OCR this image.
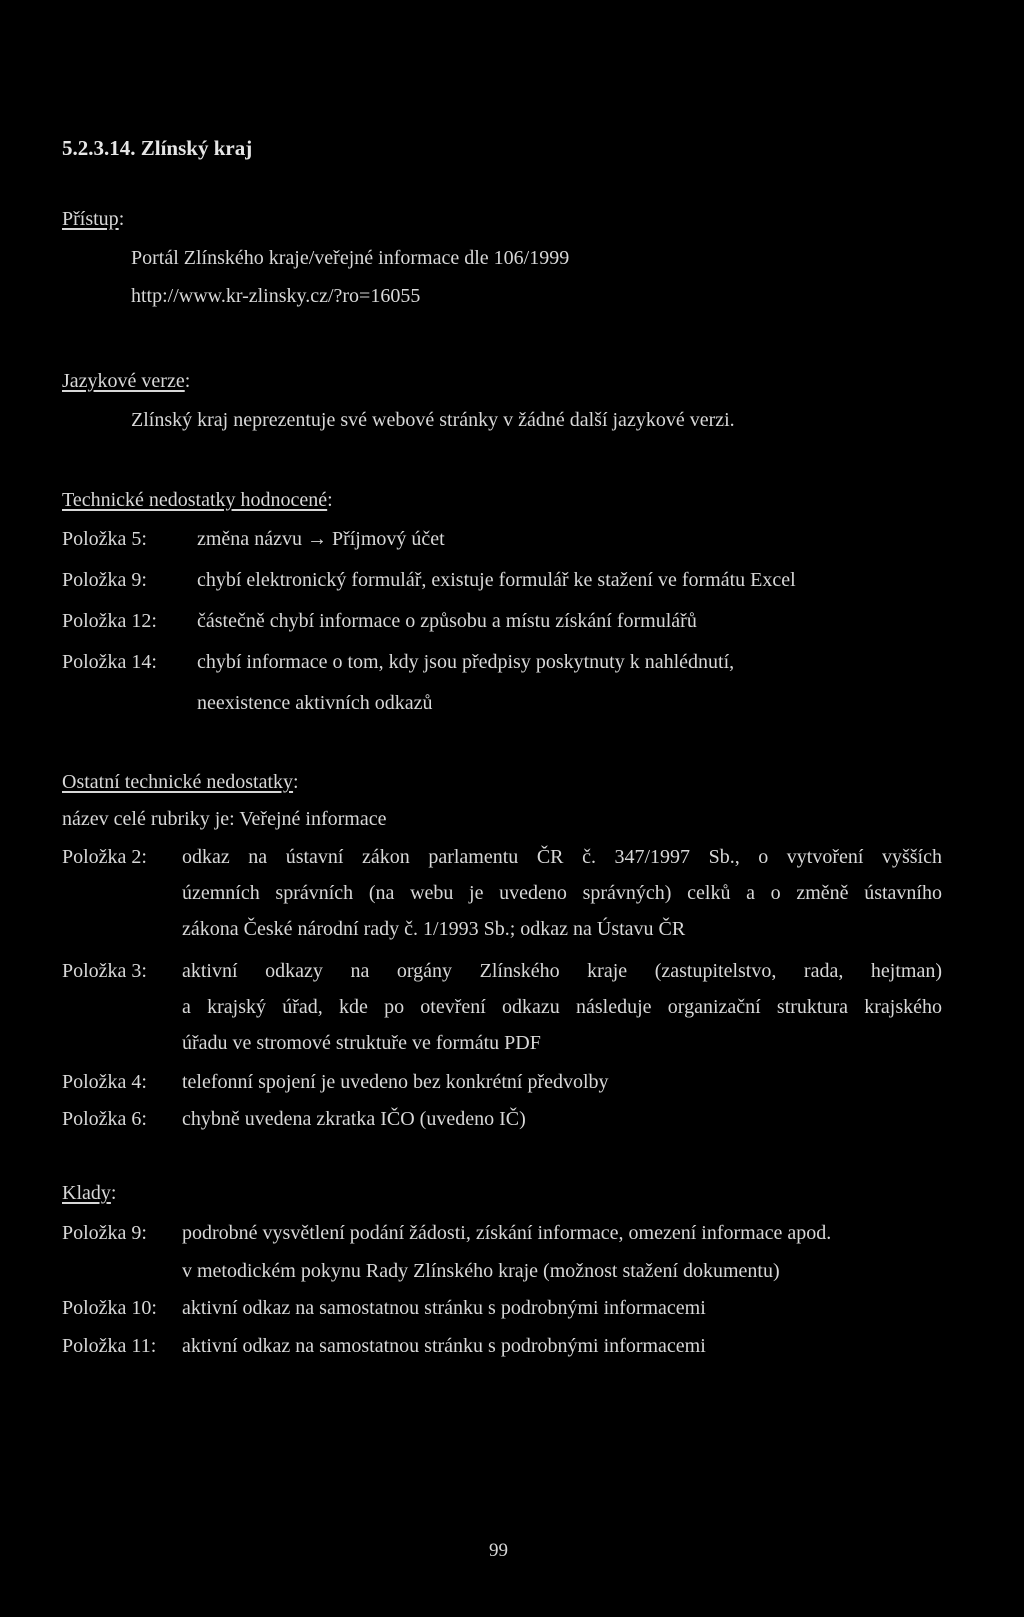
5.2.3.14. Zlínský kraj
Přístup:
Portál Zlínského kraje/veřejné informace dle 106/1999
http://www.kr-zlinsky.cz/?ro=16055
Jazykové verze:
Zlínský kraj neprezentuje své webové stránky v žádné další jazykové verzi.
Technické nedostatky hodnocené:
Položka 5:	změna názvu → Příjmový účet
Položka 9:	chybí elektronický formulář, existuje formulář ke stažení ve formátu Excel
Položka 12: částečně chybí informace o způsobu a místu získání formulářů
Položka 14: chybí informace o tom, kdy jsou předpisy poskytnuty k nahlédnutí,
neexistence aktivních odkazů
Ostatní technické nedostatky:
název celé rubriky je: Veřejné informace
Položka 2: odkaz na ústavní zákon parlamentu ČR č. 347/1997 Sb., o vytvoření vyšších
územních správních (na webu je uvedeno správných) celků a o změně ústavního
zákona České národní rady č. 1/1993 Sb.; odkaz na Ústavu ČR
Položka 3: aktivní odkazy na orgány Zlínského kraje (zastupitelstvo, rada, hejtman)
a krajský úřad, kde po otevření odkazu následuje organizační struktura krajského
úřadu ve stromové struktuře ve formátu PDF
Položka 4: telefonní spojení je uvedeno bez konkrétní předvolby
Položka 6: chybně uvedena zkratka IČO (uvedeno IČ)
Klady:
Položka 9: podrobné vysvětlení podání žádosti, získání informace, omezení informace apod.
v metodickém pokynu Rady Zlínského kraje (možnost stažení dokumentu)
Položka 10: aktivní odkaz na samostatnou stránku s podrobnými informacemi
Položka 11: aktivní odkaz na samostatnou stránku s podrobnými informacemi
99
